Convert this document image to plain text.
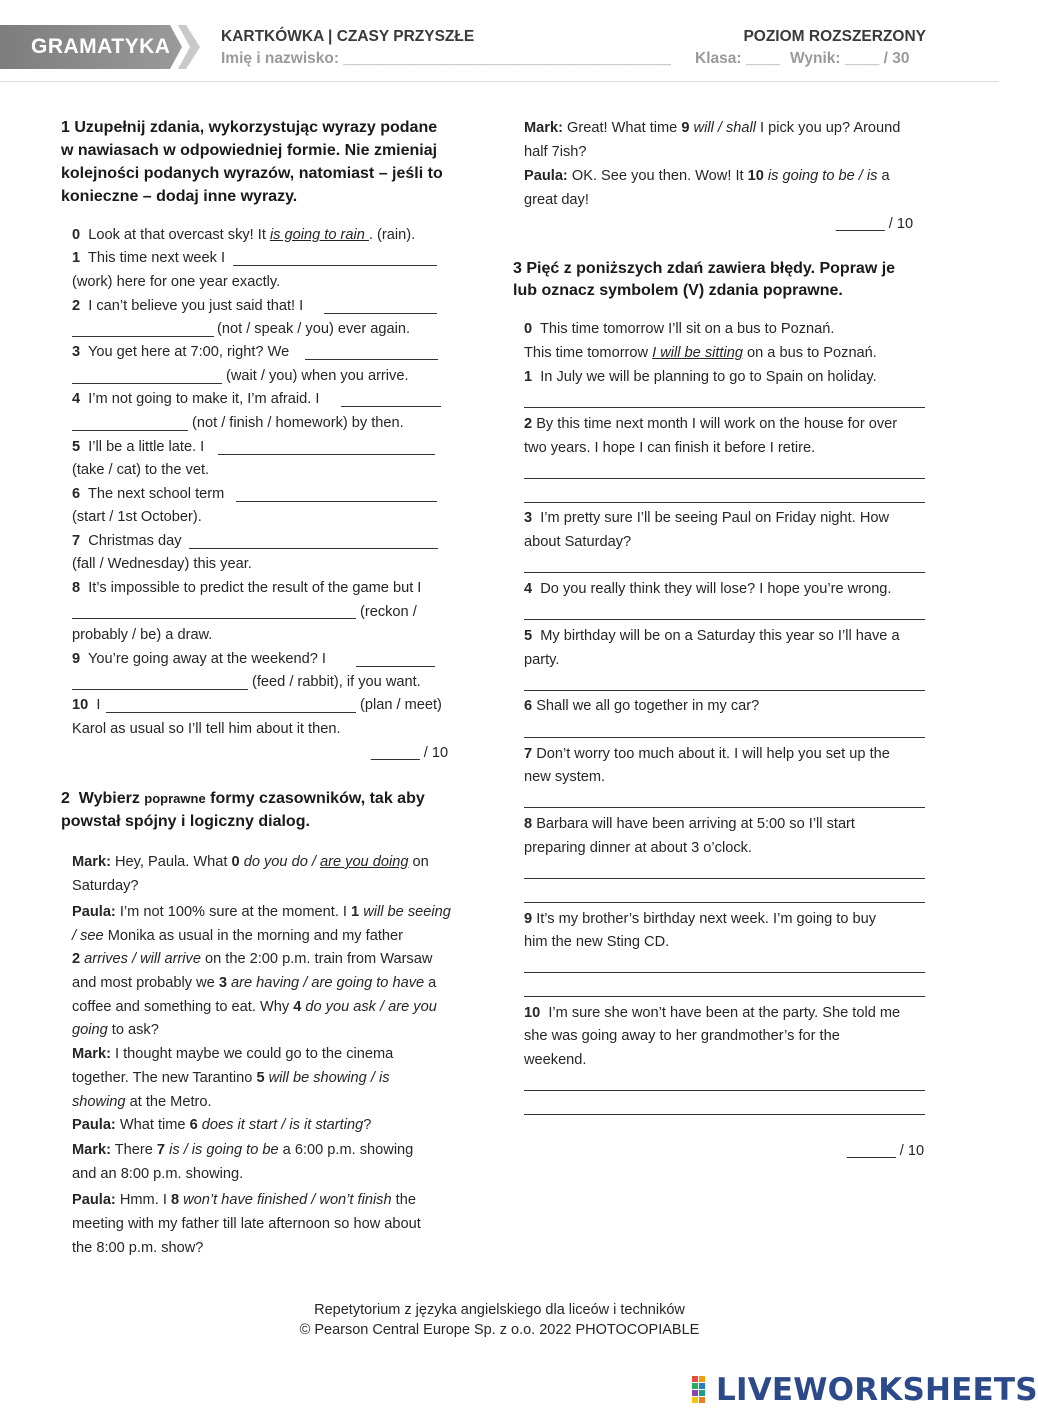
GRAMATYKA	KARTKÓWKA | CZASY PRZYSZŁE	POZIOM ROZSZERZONY
Imię i nazwisko: ______________________________________ Klasa: ____ Wynik: ____ / 30
1 Uzupełnij zdania, wykorzystując wyrazy podane
w nawiasach w odpowiedniej formie. Nie zmieniaj
kolejności podanych wyrazów, natomiast – jeśli to
konieczne – dodaj inne wyrazy.
0 Look at that overcast sky! It is going to rain . (rain).
1 This time next week I
(work) here for one year exactly.
2 I can’t believe you just said that! I
(not / speak / you) ever again.
3 You get here at 7:00, right? We
(wait / you) when you arrive.
4 I’m not going to make it, I’m afraid. I
(not / finish / homework) by then.
5 I’ll be a little late. I
(take / cat) to the vet.
6 The next school term
(start / 1st October).
7 Christmas day
(fall / Wednesday) this year.
8 It’s impossible to predict the result of the game but I
(reckon /
probably / be) a draw.
9 You’re going away at the weekend? I
(feed / rabbit), if you want.
10 I	(plan / meet)
Karol as usual so I’ll tell him about it then.
______ / 10
2  Wybierz poprawne formy czasowników, tak aby
powstał spójny i logiczny dialog.
Mark: Hey, Paula. What 0 do you do / are you doing on
Saturday?
Paula: I’m not 100% sure at the moment. I 1 will be seeing
/ see Monika as usual in the morning and my father
2 arrives / will arrive on the 2:00 p.m. train from Warsaw
and most probably we 3 are having / are going to have a
coffee and something to eat. Why 4 do you ask / are you
going to ask?
Mark: I thought maybe we could go to the cinema
together. The new Tarantino 5 will be showing / is
showing at the Metro.
Paula: What time 6 does it start / is it starting?
Mark: There 7 is / is going to be a 6:00 p.m. showing
and an 8:00 p.m. showing.
Paula: Hmm. I 8 won’t have finished / won’t finish the
meeting with my father till late afternoon so how about
the 8:00 p.m. show?
Mark: Great! What time 9 will / shall I pick you up? Around
half 7ish?
Paula: OK. See you then. Wow! It 10 is going to be / is a
great day!
______ / 10
3 Pięć z poniższych zdań zawiera błędy. Popraw je
lub oznacz symbolem (V) zdania poprawne.
0 This time tomorrow I’ll sit on a bus to Poznań.
This time tomorrow I will be sitting on a bus to Poznań.
1 In July we will be planning to go to Spain on holiday.
2 By this time next month I will work on the house for over
two years. I hope I can finish it before I retire.
3 I’m pretty sure I’ll be seeing Paul on Friday night. How
about Saturday?
4 Do you really think they will lose? I hope you’re wrong.
5 My birthday will be on a Saturday this year so I’ll have a
party.
6 Shall we all go together in my car?
7 Don’t worry too much about it. I will help you set up the
new system.
8 Barbara will have been arriving at 5:00 so I’ll start
preparing dinner at about 3 o’clock.
9 It’s my brother’s birthday next week. I’m going to buy
him the new Sting CD.
10 I’m sure she won’t have been at the party. She told me
she was going away to her grandmother’s for the
weekend.
______ / 10
Repetytorium z języka angielskiego dla liceów i techników
© Pearson Central Europe Sp. z o.o. 2022 PHOTOCOPIABLE
LIVEWORKSHEETS
